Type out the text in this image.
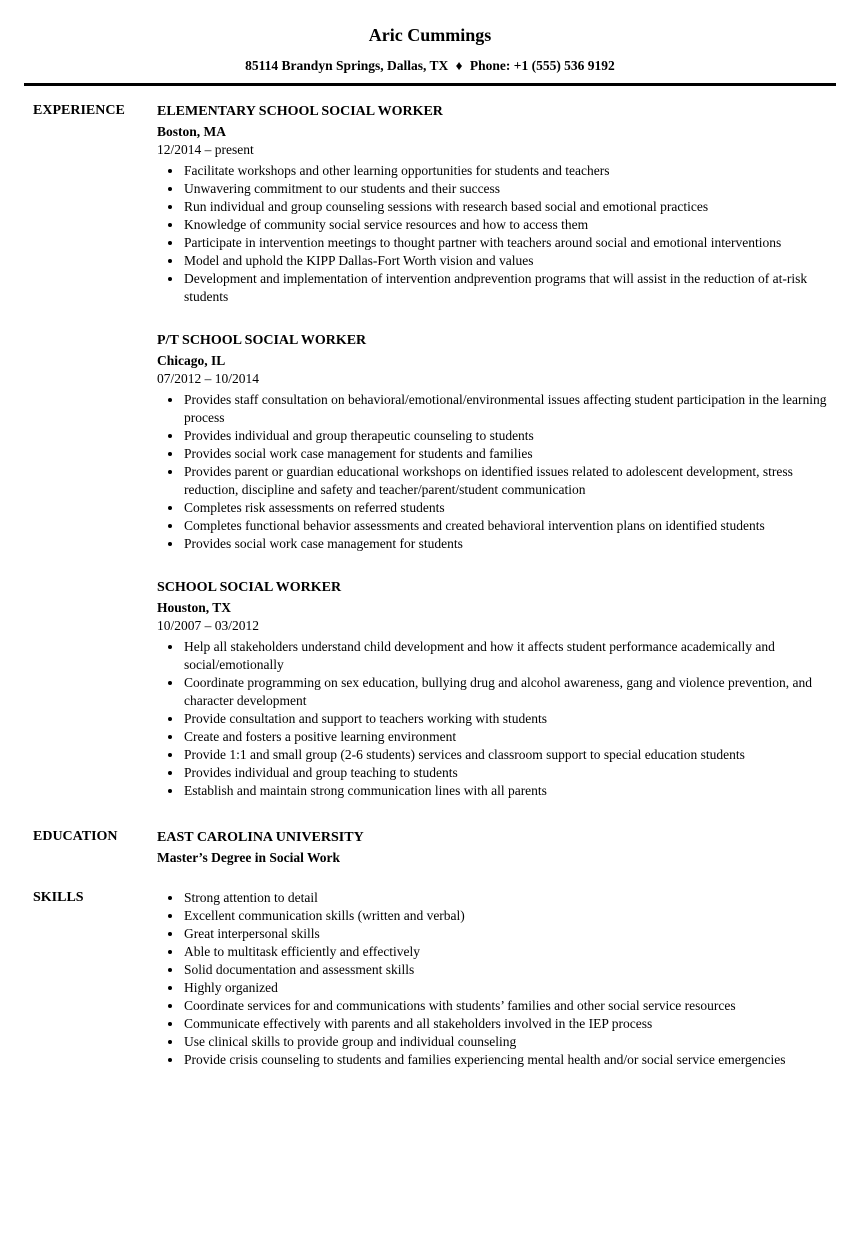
Aric Cummings
85114 Brandyn Springs, Dallas, TX ♦ Phone: +1 (555) 536 9192
EXPERIENCE	ELEMENTARY SCHOOL SOCIAL WORKER
Boston, MA
12/2014 – present
• Facilitate workshops and other learning opportunities for students and teachers
• Unwavering commitment to our students and their success
• Run individual and group counseling sessions with research based social and emotional practices
• Knowledge of community social service resources and how to access them
• Participate in intervention meetings to thought partner with teachers around social and emotional interventions
• Model and uphold the KIPP Dallas-Fort Worth vision and values
• Development and implementation of intervention andprevention programs that will assist in the reduction of at-risk students
P/T SCHOOL SOCIAL WORKER
Chicago, IL
07/2012 – 10/2014
• Provides staff consultation on behavioral/emotional/environmental issues affecting student participation in the learning process
• Provides individual and group therapeutic counseling to students
• Provides social work case management for students and families
• Provides parent or guardian educational workshops on identified issues related to adolescent development, stress reduction, discipline and safety and teacher/parent/student communication
• Completes risk assessments on referred students
• Completes functional behavior assessments and created behavioral intervention plans on identified students
• Provides social work case management for students
SCHOOL SOCIAL WORKER
Houston, TX
10/2007 – 03/2012
• Help all stakeholders understand child development and how it affects student performance academically and social/emotionally
• Coordinate programming on sex education, bullying drug and alcohol awareness, gang and violence prevention, and character development
• Provide consultation and support to teachers working with students
• Create and fosters a positive learning environment
• Provide 1:1 and small group (2-6 students) services and classroom support to special education students
• Provides individual and group teaching to students
• Establish and maintain strong communication lines with all parents
EDUCATION	EAST CAROLINA UNIVERSITY
Master’s Degree in Social Work
SKILLS	• Strong attention to detail
• Excellent communication skills (written and verbal)
• Great interpersonal skills
• Able to multitask efficiently and effectively
• Solid documentation and assessment skills
• Highly organized
• Coordinate services for and communications with students’ families and other social service resources
• Communicate effectively with parents and all stakeholders involved in the IEP process
• Use clinical skills to provide group and individual counseling
• Provide crisis counseling to students and families experiencing mental health and/or social service emergencies
